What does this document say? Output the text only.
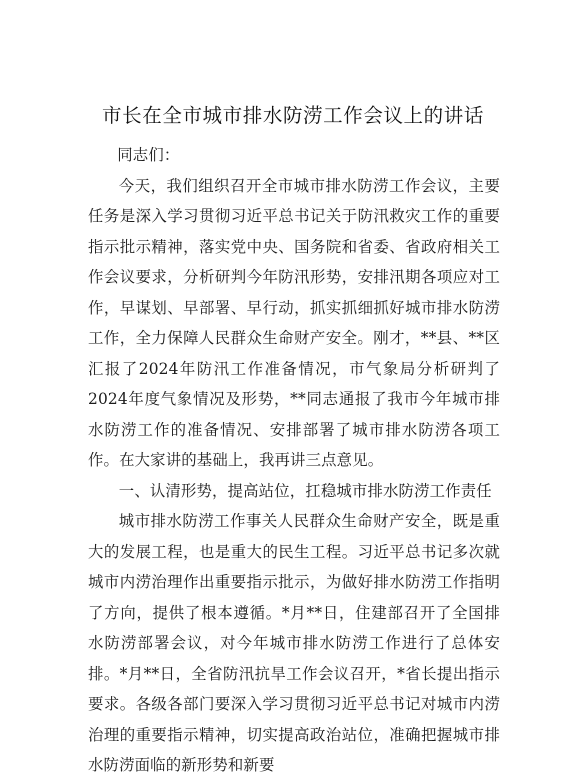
市长在全市城市排水防涝工作会议上的讲话

同志们：

今天，我们组织召开全市城市排水防涝工作会议，主要任务是深入学习贯彻习近平总书记关于防汛救灾工作的重要指示批示精神，落实党中央、国务院和省委、省政府相关工作会议要求，分析研判今年防汛形势，安排汛期各项应对工作，早谋划、早部署、早行动，抓实抓细抓好城市排水防涝工作，全力保障人民群众生命财产安全。刚才，**县、**区汇报了2024年防汛工作准备情况，市气象局分析研判了2024年度气象情况及形势，**同志通报了我市今年城市排水防涝工作的准备情况、安排部署了城市排水防涝各项工作。在大家讲的基础上，我再讲三点意见。

一、认清形势，提高站位，扛稳城市排水防涝工作责任

城市排水防涝工作事关人民群众生命财产安全，既是重大的发展工程，也是重大的民生工程。习近平总书记多次就城市内涝治理作出重要指示批示，为做好排水防涝工作指明了方向，提供了根本遵循。*月**日，住建部召开了全国排水防涝部署会议，对今年城市排水防涝工作进行了总体安排。*月**日，全省防汛抗旱工作会议召开，*省长提出指示要求。各级各部门要深入学习贯彻习近平总书记对城市内涝治理的重要指示精神，切实提高政治站位，准确把握城市排水防涝面临的新形势和新要
